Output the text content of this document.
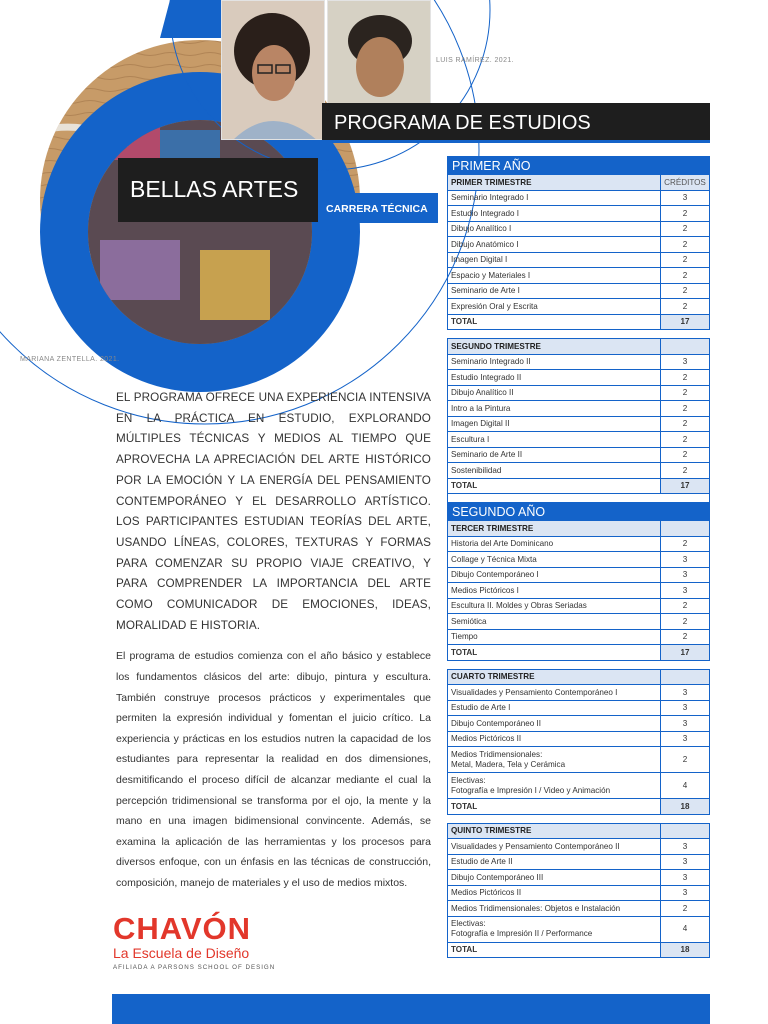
LUIS RAMÍREZ. 2021.
MARIANA ZENTELLA. 2021.
PROGRAMA DE ESTUDIOS
BELLAS ARTES
CARRERA TÉCNICA

EL PROGRAMA OFRECE UNA EXPERIENCIA INTENSIVA EN LA PRÁCTICA EN ESTUDIO, EXPLORANDO MÚLTIPLES TÉCNICAS Y MEDIOS AL TIEMPO QUE APROVECHA LA APRECIACIÓN DEL ARTE HISTÓRICO POR LA EMOCIÓN Y LA ENERGÍA DEL PENSAMIENTO CONTEMPORÁNEO Y EL DESARROLLO ARTÍSTICO. LOS PARTICIPANTES ESTUDIAN TEORÍAS DEL ARTE, USANDO LÍNEAS, COLORES, TEXTURAS Y FORMAS PARA COMENZAR SU PROPIO VIAJE CREATIVO, Y PARA COMPRENDER LA IMPORTANCIA DEL ARTE COMO COMUNICADOR DE EMOCIONES, IDEAS, MORALIDAD E HISTORIA.

El programa de estudios comienza con el año básico y establece los fundamentos clásicos del arte: dibujo, pintura y escultura. También construye procesos prácticos y experimentales que permiten la expresión individual y fomentan el juicio crítico. La experiencia y prácticas en los estudios nutren la capacidad de los estudiantes para representar la realidad en dos dimensiones, desmitificando el proceso difícil de alcanzar mediante el cual la percepción tridimensional se transforma por el ojo, la mente y la mano en una imagen bidimensional convincente. Además, se examina la aplicación de las herramientas y los procesos para diversos enfoque, con un énfasis en las técnicas de construcción, composición, manejo de materiales y el uso de medios mixtos.

CHAVÓN
La Escuela de Diseño
AFILIADA A PARSONS SCHOOL OF DESIGN
PRIMER AÑO
PRIMER TRIMESTRE	CRÉDITOS
Seminario Integrado I	3
Estudio Integrado I	2
Dibujo Analítico I	2
Dibujo Anatómico I	2
Imagen Digital I	2
Espacio y Materiales I	2
Seminario de Arte I	2
Expresión Oral y Escrita	2
TOTAL	17

SEGUNDO TRIMESTRE	
Seminario Integrado II	3
Estudio Integrado II	2
Dibujo Analítico II	2
Intro a la Pintura	2
Imagen Digital II	2
Escultura I	2
Seminario de Arte II	2
Sostenibilidad	2
TOTAL	17
SEGUNDO AÑO
TERCER TRIMESTRE	
Historia del Arte Dominicano	2
Collage y Técnica Mixta	3
Dibujo Contemporáneo I	3
Medios Pictóricos I	3
Escultura II. Moldes y Obras Seriadas	2
Semiótica	2
Tiempo	2
TOTAL	17

CUARTO TRIMESTRE	
Visualidades y Pensamiento Contemporáneo I	3
Estudio de Arte I	3
Dibujo Contemporáneo II	3
Medios Pictóricos II	3

Medios Tridimensionales:
Metal, Madera, Tela y Cerámica	2

Electivas:
Fotografía e Impresión I / Video y Animación	4
TOTAL	18

QUINTO TRIMESTRE	
Visualidades y Pensamiento Contemporáneo II	3
Estudio de Arte II	3
Dibujo Contemporáneo III	3
Medios Pictóricos II	3
Medios Tridimensionales: Objetos e Instalación	2

Electivas:
Fotografía e Impresión II / Performance	4
TOTAL	18
